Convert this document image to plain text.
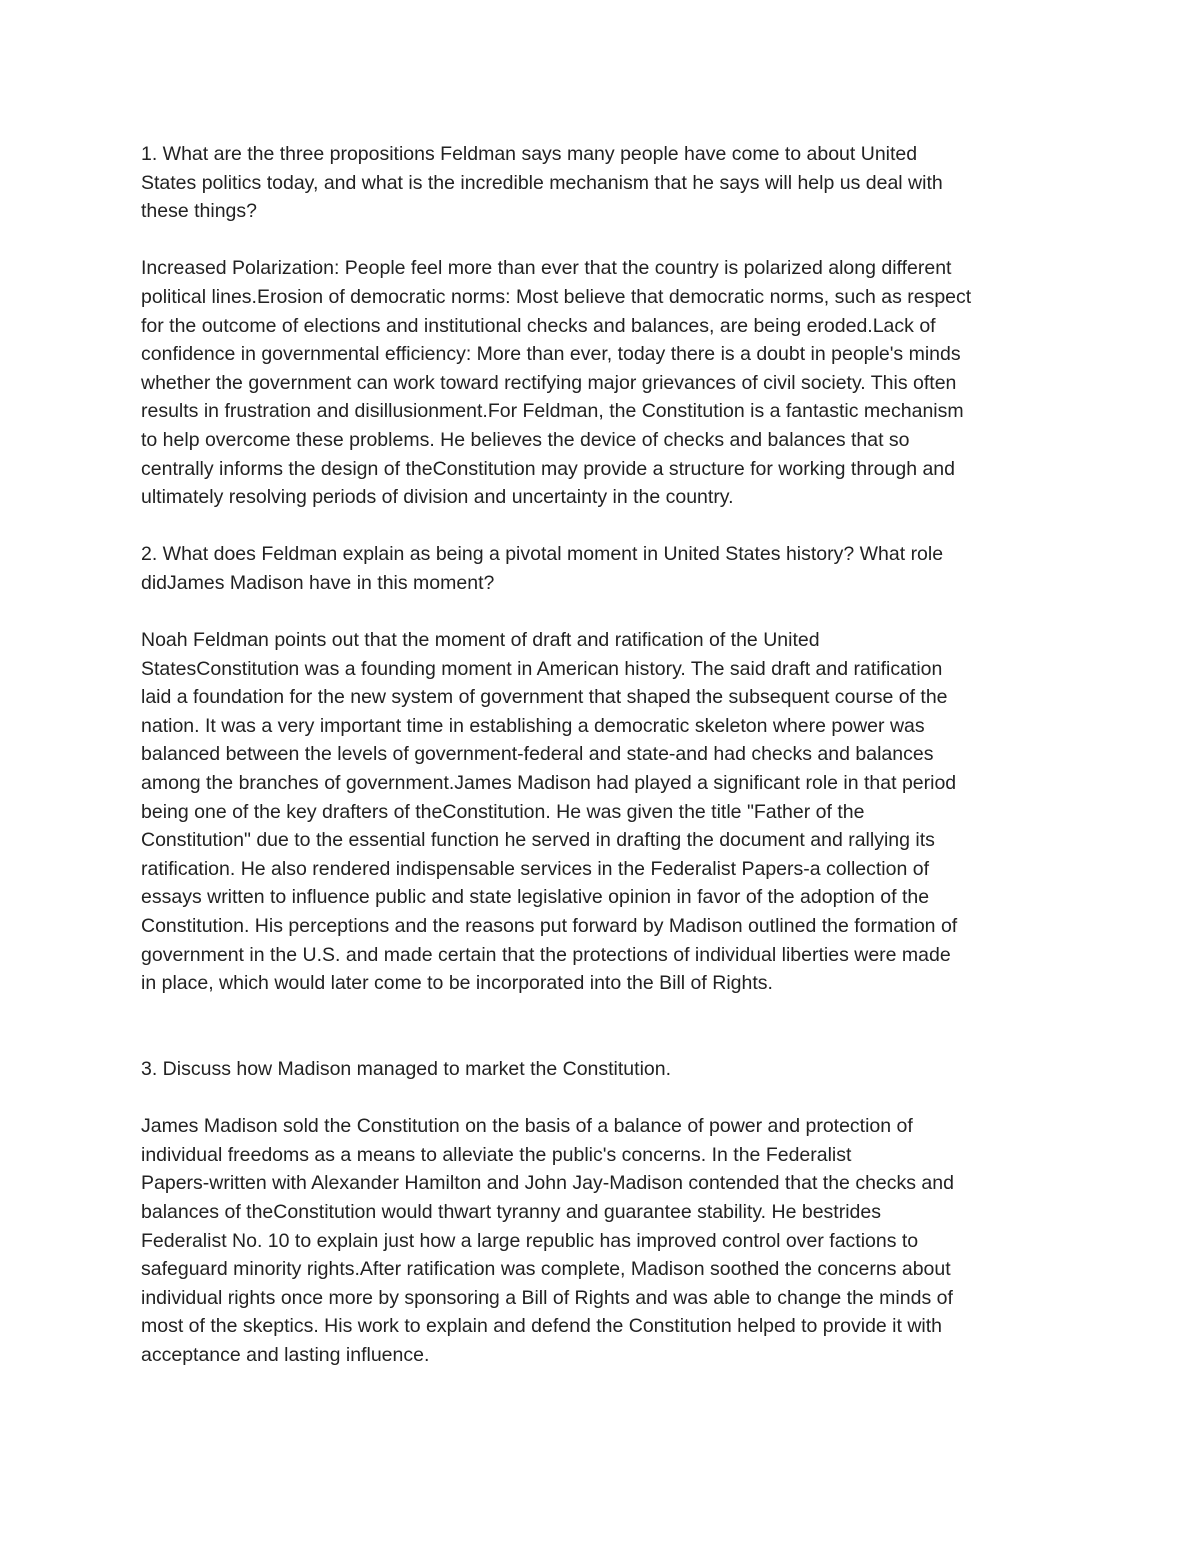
1. What are the three propositions Feldman says many people have come to about United
States politics today, and what is the incredible mechanism that he says will help us deal with
these things?

Increased Polarization: People feel more than ever that the country is polarized along different
political lines.Erosion of democratic norms: Most believe that democratic norms, such as respect
for the outcome of elections and institutional checks and balances, are being eroded.Lack of
confidence in governmental efficiency: More than ever, today there is a doubt in people's minds
whether the government can work toward rectifying major grievances of civil society. This often
results in frustration and disillusionment.For Feldman, the Constitution is a fantastic mechanism
to help overcome these problems. He believes the device of checks and balances that so
centrally informs the design of theConstitution may provide a structure for working through and
ultimately resolving periods of division and uncertainty in the country.

2. What does Feldman explain as being a pivotal moment in United States history? What role
didJames Madison have in this moment?

Noah Feldman points out that the moment of draft and ratification of the United
StatesConstitution was a founding moment in American history. The said draft and ratification
laid a foundation for the new system of government that shaped the subsequent course of the
nation. It was a very important time in establishing a democratic skeleton where power was
balanced between the levels of government-federal and state-and had checks and balances
among the branches of government.James Madison had played a significant role in that period
being one of the key drafters of theConstitution. He was given the title "Father of the
Constitution" due to the essential function he served in drafting the document and rallying its
ratification. He also rendered indispensable services in the Federalist Papers-a collection of
essays written to influence public and state legislative opinion in favor of the adoption of the
Constitution. His perceptions and the reasons put forward by Madison outlined the formation of
government in the U.S. and made certain that the protections of individual liberties were made
in place, which would later come to be incorporated into the Bill of Rights.

3. Discuss how Madison managed to market the Constitution.

James Madison sold the Constitution on the basis of a balance of power and protection of
individual freedoms as a means to alleviate the public's concerns. In the Federalist
Papers-written with Alexander Hamilton and John Jay-Madison contended that the checks and
balances of theConstitution would thwart tyranny and guarantee stability. He bestrides
Federalist No. 10 to explain just how a large republic has improved control over factions to
safeguard minority rights.After ratification was complete, Madison soothed the concerns about
individual rights once more by sponsoring a Bill of Rights and was able to change the minds of
most of the skeptics. His work to explain and defend the Constitution helped to provide it with
acceptance and lasting influence.
